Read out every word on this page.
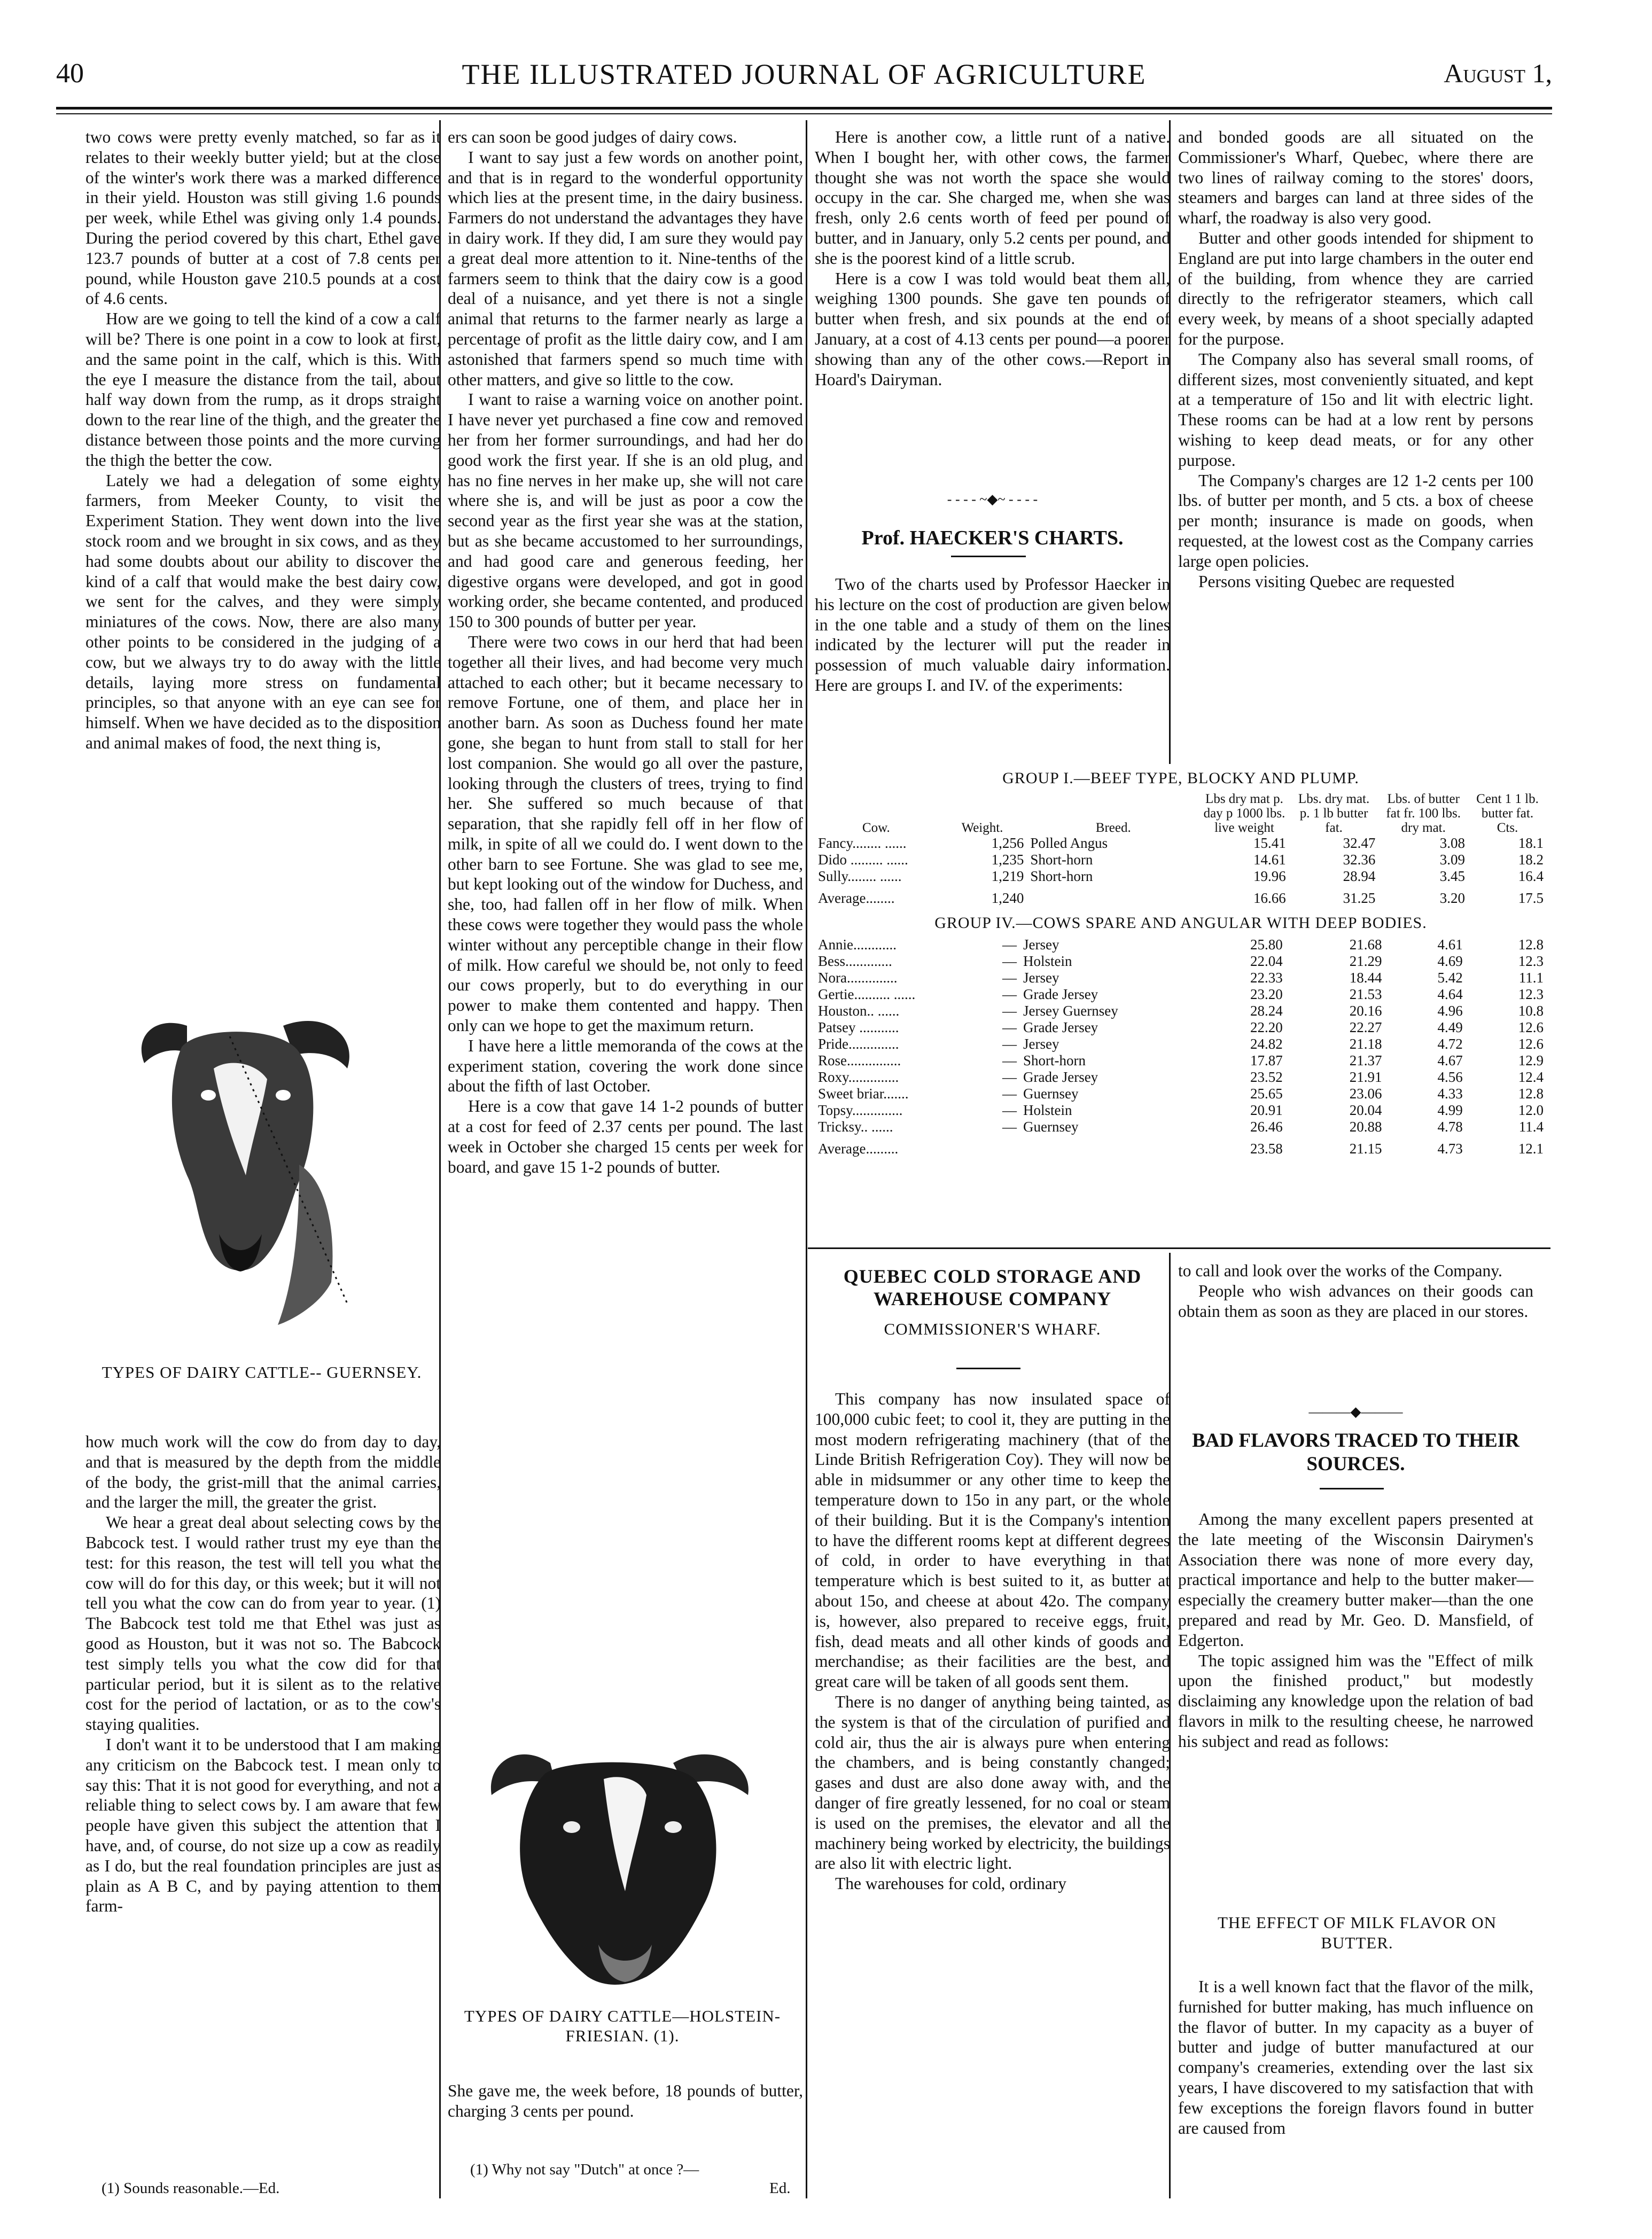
40	THE ILLUSTRATED JOURNAL OF AGRICULTURE	August 1,

two cows were pretty evenly matched, so far as it relates to their weekly butter yield; but at the close of the winter's work there was a marked difference in their yield. Houston was still giving 1.6 pounds per week, while Ethel was giving only 1.4 pounds. During the period covered by this chart, Ethel gave 123.7 pounds of butter at a cost of 7.8 cents per pound, while Houston gave 210.5 pounds at a cost of 4.6 cents.

How are we going to tell the kind of a cow a calf will be? There is one point in a cow to look at first, and the same point in the calf, which is this. With the eye I measure the distance from the tail, about half way down from the rump, as it drops straight down to the rear line of the thigh, and the greater the distance between those points and the more curving the thigh the better the cow.

Lately we had a delegation of some eighty farmers, from Meeker County, to visit the Experiment Station. They went down into the live stock room and we brought in six cows, and as they had some doubts about our ability to discover the kind of a calf that would make the best dairy cow, we sent for the calves, and they were simply miniatures of the cows. Now, there are also many other points to be considered in the judging of a cow, but we always try to do away with the little details, laying more stress on fundamental principles, so that anyone with an eye can see for himself. When we have decided as to the disposition and animal makes of food, the next thing is,

TYPES OF DAIRY CATTLE-- GUERNSEY.

how much work will the cow do from day to day, and that is measured by the depth from the middle of the body, the grist-mill that the animal carries, and the larger the mill, the greater the grist.

We hear a great deal about selecting cows by the Babcock test. I would rather trust my eye than the test: for this reason, the test will tell you what the cow will do for this day, or this week; but it will not tell you what the cow can do from year to year. (1) The Babcock test told me that Ethel was just as good as Houston, but it was not so. The Babcock test simply tells you what the cow did for that particular period, but it is silent as to the relative cost for the period of lactation, or as to the cow's staying qualities.

I don't want it to be understood that I am making any criticism on the Babcock test. I mean only to say this: That it is not good for everything, and not a reliable thing to select cows by. I am aware that few people have given this subject the attention that I have, and, of course, do not size up a cow as readily as I do, but the real foundation principles are just as plain as A B C, and by paying attention to them farm-

(1) Sounds reasonable.—Ed.

ers can soon be good judges of dairy cows.

I want to say just a few words on another point, and that is in regard to the wonderful opportunity which lies at the present time, in the dairy business. Farmers do not understand the advantages they have in dairy work. If they did, I am sure they would pay a great deal more attention to it. Nine-tenths of the farmers seem to think that the dairy cow is a good deal of a nuisance, and yet there is not a single animal that returns to the farmer nearly as large a percentage of profit as the little dairy cow, and I am astonished that farmers spend so much time with other matters, and give so little to the cow.

I want to raise a warning voice on another point. I have never yet purchased a fine cow and removed her from her former surroundings, and had her do good work the first year. If she is an old plug, and has no fine nerves in her make up, she will not care where she is, and will be just as poor a cow the second year as the first year she was at the station, but as she became accustomed to her surroundings, and had good care and generous feeding, her digestive organs were developed, and got in good working order, she became contented, and produced 150 to 300 pounds of butter per year.

There were two cows in our herd that had been together all their lives, and had become very much attached to each other; but it became necessary to remove Fortune, one of them, and place her in another barn. As soon as Duchess found her mate gone, she began to hunt from stall to stall for her lost companion. She would go all over the pasture, looking through the clusters of trees, trying to find her. She suffered so much because of that separation, that she rapidly fell off in her flow of milk, in spite of all we could do. I went down to the other barn to see Fortune. She was glad to see me, but kept looking out of the window for Duchess, and she, too, had fallen off in her flow of milk. When these cows were together they would pass the whole winter without any perceptible change in their flow of milk. How careful we should be, not only to feed our cows properly, but to do everything in our power to make them contented and happy. Then only can we hope to get the maximum return.

I have here a little memoranda of the cows at the experiment station, covering the work done since about the fifth of last October.

Here is a cow that gave 14 1-2 pounds of butter at a cost for feed of 2.37 cents per pound. The last week in October she charged 15 cents per week for board, and gave 15 1-2 pounds of butter.

TYPES OF DAIRY CATTLE—HOLSTEIN-FRIESIAN. (1).

She gave me, the week before, 18 pounds of butter, charging 3 cents per pound.

(1) Why not say "Dutch" at once ?—
Ed.

Here is another cow, a little runt of a native. When I bought her, with other cows, the farmer thought she was not worth the space she would occupy in the car. She charged me, when she was fresh, only 2.6 cents worth of feed per pound of butter, and in January, only 5.2 cents per pound, and she is the poorest kind of a little scrub.

Here is a cow I was told would beat them all, weighing 1300 pounds. She gave ten pounds of butter when fresh, and six pounds at the end of January, at a cost of 4.13 cents per pound—a poorer showing than any of the other cows.—Report in Hoard's Dairyman.

- - - - ~◆~ - - - -
Prof. HAECKER'S CHARTS.

Two of the charts used by Professor Haecker in his lecture on the cost of production are given below in the one table and a study of them on the lines indicated by the lecturer will put the reader in possession of much valuable dairy information. Here are groups I. and IV. of the experiments:

and bonded goods are all situated on the Commissioner's Wharf, Quebec, where there are two lines of railway coming to the stores' doors, steamers and barges can land at three sides of the wharf, the roadway is also very good.

Butter and other goods intended for shipment to England are put into large chambers in the outer end of the building, from whence they are carried directly to the refrigerator steamers, which call every week, by means of a shoot specially adapted for the purpose.

The Company also has several small rooms, of different sizes, most conveniently situated, and kept at a temperature of 15o and lit with electric light. These rooms can be had at a low rent by persons wishing to keep dead meats, or for any other purpose.

The Company's charges are 12 1-2 cents per 100 lbs. of butter per month, and 5 cts. a box of cheese per month; insurance is made on goods, when requested, at the lowest cost as the Company carries large open policies.

Persons visiting Quebec are requested

GROUP I.—BEEF TYPE, BLOCKY AND PLUMP.
Cow.	Weight.	Breed.	Lbs dry mat p. day p 1000 lbs. live weight	Lbs. dry mat. p. 1 lb butter fat.	Lbs. of butter fat fr. 100 lbs. dry mat.	Cent 1 1 lb. butter fat. Cts.
Fancy........ ......	1,256	Polled Angus	15.41	32.47	3.08	18.1
Dido ......... ......	1,235	Short-horn	14.61	32.36	3.09	18.2
Sully........ ......	1,219	Short-horn	19.96	28.94	3.45	16.4
Average........	1,240		16.66	31.25	3.20	17.5
GROUP IV.—COWS SPARE AND ANGULAR WITH DEEP BODIES.
Annie............	—	Jersey	25.80	21.68	4.61	12.8
Bess.............	—	Holstein	22.04	21.29	4.69	12.3
Nora..............	—	Jersey	22.33	18.44	5.42	11.1
Gertie.......... ......	—	Grade Jersey	23.20	21.53	4.64	12.3
Houston.. ......	—	Jersey Guernsey	28.24	20.16	4.96	10.8
Patsey ...........	—	Grade Jersey	22.20	22.27	4.49	12.6
Pride..............	—	Jersey	24.82	21.18	4.72	12.6
Rose...............	—	Short-horn	17.87	21.37	4.67	12.9
Roxy..............	—	Grade Jersey	23.52	21.91	4.56	12.4
Sweet briar.......	—	Guernsey	25.65	23.06	4.33	12.8
Topsy..............	—	Holstein	20.91	20.04	4.99	12.0
Tricksy.. ......	—	Guernsey	26.46	20.88	4.78	11.4
Average.........			23.58	21.15	4.73	12.1
QUEBEC COLD STORAGE AND WAREHOUSE COMPANY
COMMISSIONER'S WHARF.

This company has now insulated space of 100,000 cubic feet; to cool it, they are putting in the most modern refrigerating machinery (that of the Linde British Refrigeration Coy). They will now be able in midsummer or any other time to keep the temperature down to 15o in any part, or the whole of their building. But it is the Company's intention to have the different rooms kept at different degrees of cold, in order to have everything in that temperature which is best suited to it, as butter at about 15o, and cheese at about 42o. The company is, however, also prepared to receive eggs, fruit, fish, dead meats and all other kinds of goods and merchandise; as their facilities are the best, and great care will be taken of all goods sent them.

There is no danger of anything being tainted, as the system is that of the circulation of purified and cold air, thus the air is always pure when entering the chambers, and is being constantly changed; gases and dust are also done away with, and the danger of fire greatly lessened, for no coal or steam is used on the premises, the elevator and all the machinery being worked by electricity, the buildings are also lit with electric light.

The warehouses for cold, ordinary

to call and look over the works of the Company.

People who wish advances on their goods can obtain them as soon as they are placed in our stores.

———◆———
BAD FLAVORS TRACED TO THEIR SOURCES.

Among the many excellent papers presented at the late meeting of the Wisconsin Dairymen's Association there was none of more every day, practical importance and help to the butter maker—especially the creamery butter maker—than the one prepared and read by Mr. Geo. D. Mansfield, of Edgerton.

The topic assigned him was the "Effect of milk upon the finished product," but modestly disclaiming any knowledge upon the relation of bad flavors in milk to the resulting cheese, he narrowed his subject and read as follows:

THE EFFECT OF MILK FLAVOR ON BUTTER.

It is a well known fact that the flavor of the milk, furnished for butter making, has much influence on the flavor of butter. In my capacity as a buyer of butter and judge of butter manufactured at our company's creameries, extending over the last six years, I have discovered to my satisfaction that with few exceptions the foreign flavors found in butter are caused from
